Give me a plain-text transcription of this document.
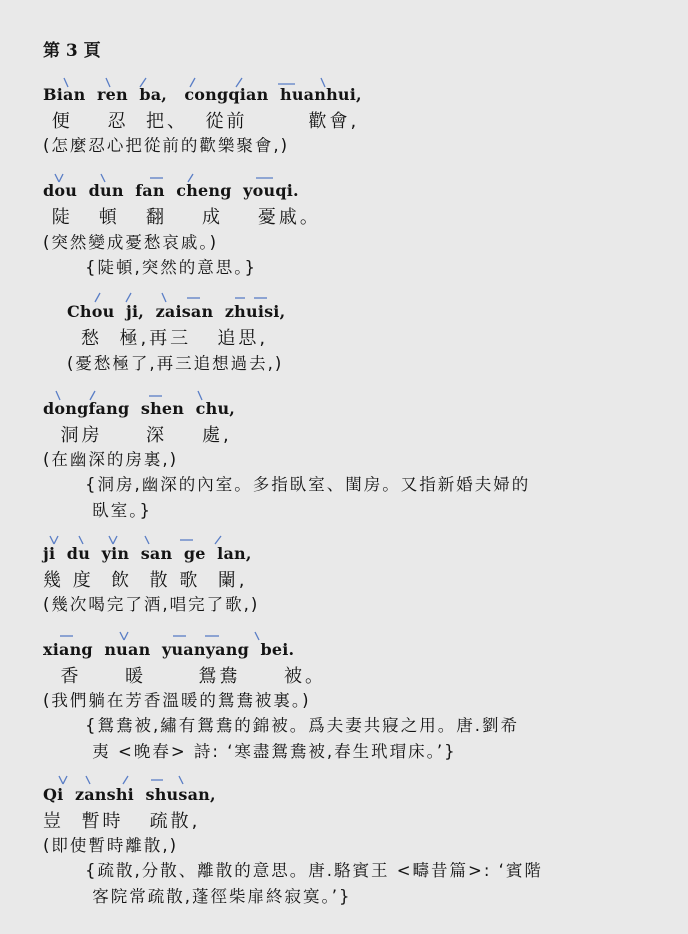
第 3 頁
Bian  ren  ba,   congqian  huanhui,
便    忍  把、  從前       歡會,
(怎麼忍心把從前的歡樂聚會,)
dou  dun  fan  cheng  youqi.
陡   頓   翻    成    憂戚。
(突然變成憂愁哀戚。)
{陡頓,突然的意思。}
Chou  ji,  zaisan  zhuisi,
愁  極,再三   追思,
(憂愁極了,再三追想過去,)
dongfang  shen  chu,
洞房     深    處,
(在幽深的房裏,)
{洞房,幽深的內室。多指臥室、閨房。又指新婚夫婦的
臥室。}
ji  du  yin  san  ge  lan,
幾 度  飲  散 歌  闌,
(幾次喝完了酒,唱完了歌,)
xiang  nuan  yuanyang  bei.
香     暖      鴛鴦     被。
(我們躺在芳香溫暖的鴛鴦被裏。)
{鴛鴦被,繡有鴛鴦的錦被。爲夫妻共寢之用。唐.劉希
夷 <晚春> 詩: ‘寒盡鴛鴦被,春生玳瑁床。’}
Qi  zanshi  shusan,
豈  暫時   疏散,
(即使暫時離散,)
{疏散,分散、離散的意思。唐.駱賓王 <疇昔篇>: ‘賓階
客院常疏散,蓬徑柴扉終寂寞。’}
